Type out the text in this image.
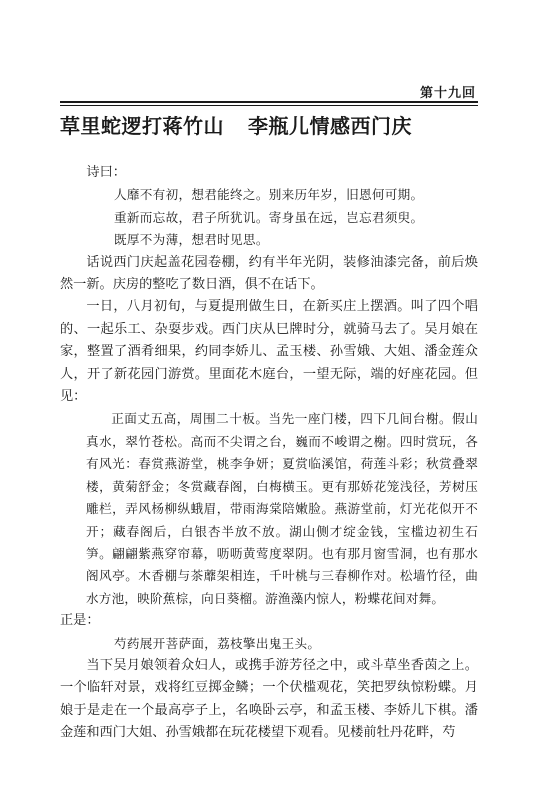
第十九回
草里蛇逻打蒋竹山 李瓶儿情感西门庆

诗曰：

人靡不有初，想君能终之。别来历年岁，旧恩何可期。

重新而忘故，君子所犹讥。寄身虽在远，岂忘君须臾。

既厚不为薄，想君时见思。

话说西门庆起盖花园卷棚，约有半年光阴，装修油漆完备，前后焕然一新。庆房的整吃了数日酒，俱不在话下。

一日，八月初旬，与夏提刑做生日，在新买庄上摆酒。叫了四个唱的、一起乐工、杂耍步戏。西门庆从巳牌时分，就骑马去了。吴月娘在家，整置了酒肴细果，约同李娇儿、孟玉楼、孙雪娥、大姐、潘金莲众人，开了新花园门游赏。里面花木庭台，一望无际，端的好座花园。但见：

正面丈五高，周围二十板。当先一座门楼，四下几间台榭。假山真水，翠竹苍松。高而不尖谓之台，巍而不峻谓之榭。四时赏玩，各有风光：春赏燕游堂，桃李争妍；夏赏临溪馆，荷莲斗彩；秋赏叠翠楼，黄菊舒金；冬赏藏春阁，白梅横玉。更有那娇花笼浅径，芳树压雕栏，弄风杨柳纵蛾眉，带雨海棠陪嫩脸。燕游堂前，灯光花似开不开；藏春阁后，白银杏半放不放。湖山侧才绽金钱，宝槛边初生石笋。翩翩紫燕穿帘幕，呖呖黄莺度翠阴。也有那月窗雪洞，也有那水阁风亭。木香棚与茶蘼架相连，千叶桃与三春柳作对。松墙竹径，曲水方池，映阶蕉棕，向日葵榴。游渔藻内惊人，粉蝶花间对舞。

正是：

芍药展开菩萨面，荔枝擎出鬼王头。

当下吴月娘领着众妇人，或携手游芳径之中，或斗草坐香茵之上。一个临轩对景，戏将红豆掷金鳞；一个伏槛观花，笑把罗纨惊粉蝶。月娘于是走在一个最高亭子上，名唤卧云亭，和孟玉楼、李娇儿下棋。潘金莲和西门大姐、孙雪娥都在玩花楼望下观看。见楼前牡丹花畔，芍
